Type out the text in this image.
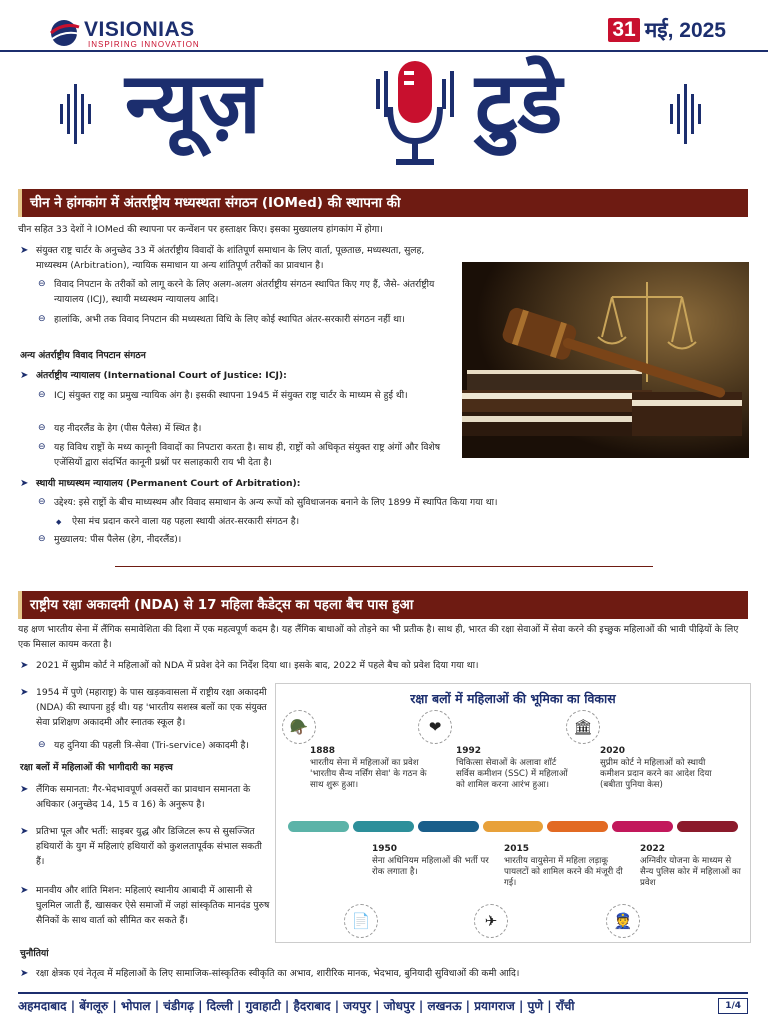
VISIONIAS
INSPIRING INNOVATION
31 मई, 2025
न्यूज़	टुडे
चीन ने हांगकांग में अंतर्राष्ट्रीय मध्यस्थता संगठन (IOMed) की स्थापना की
चीन सहित 33 देशों ने IOMed की स्थापना पर कन्वेंशन पर हस्ताक्षर किए। इसका मुख्यालय हांगकांग में होगा।
➤ संयुक्त राष्ट्र चार्टर के अनुच्छेद 33 में अंतर्राष्ट्रीय विवादों के शांतिपूर्ण समाधान के लिए वार्ता, पूछताछ, मध्यस्थता, सुलह, माध्यस्थम (Arbitration), न्यायिक समाधान या अन्य शांतिपूर्ण तरीकों का प्रावधान है।
⊖ विवाद निपटान के तरीकों को लागू करने के लिए अलग-अलग अंतर्राष्ट्रीय संगठन स्थापित किए गए हैं, जैसे- अंतर्राष्ट्रीय न्यायालय (ICJ), स्थायी मध्यस्थम न्यायालय आदि।
⊖ हालांकि, अभी तक विवाद निपटान की मध्यस्थता विधि के लिए कोई स्थापित अंतर-सरकारी संगठन नहीं था।
अन्य अंतर्राष्ट्रीय विवाद निपटान संगठन
➤ अंतर्राष्ट्रीय न्यायालय (International Court of Justice: ICJ):
⊖ ICJ संयुक्त राष्ट्र का प्रमुख न्यायिक अंग है। इसकी स्थापना 1945 में संयुक्त राष्ट्र चार्टर के माध्यम से हुई थी।
⊖ यह नीदरलैंड के हेग (पीस पैलेस) में स्थित है।
⊖ यह विविध राष्ट्रों के मध्य कानूनी विवादों का निपटारा करता है। साथ ही, राष्ट्रों को अधिकृत संयुक्त राष्ट्र अंगों और विशेष एजेंसियों द्वारा संदर्भित कानूनी प्रश्नों पर सलाहकारी राय भी देता है।
➤ स्थायी माध्यस्थम न्यायालय (Permanent Court of Arbitration):
⊖ उद्देश्य: इसे राष्ट्रों के बीच माध्यस्थम और विवाद समाधान के अन्य रूपों को सुविधाजनक बनाने के लिए 1899 में स्थापित किया गया था।
◆	ऐसा मंच प्रदान करने वाला यह पहला स्थायी अंतर-सरकारी संगठन है।
⊖ मुख्यालय: पीस पैलेस (हेग, नीदरलैंड)।
राष्ट्रीय रक्षा अकादमी (NDA) से 17 महिला कैडेट्स का पहला बैच पास हुआ
यह क्षण भारतीय सेना में लैंगिक समावेशिता की दिशा में एक महत्वपूर्ण कदम है। यह लैंगिक बाधाओं को तोड़ने का भी प्रतीक है। साथ ही, भारत की रक्षा सेवाओं में सेवा करने की इच्छुक महिलाओं की भावी पीढ़ियों के लिए एक मिसाल कायम करता है।
➤ 2021 में सुप्रीम कोर्ट ने महिलाओं को NDA में प्रवेश देने का निर्देश दिया था। इसके बाद, 2022 में पहले बैच को प्रवेश दिया गया था।
➤ 1954 में पुणे (महाराष्ट्र) के पास खड़कवासला में राष्ट्रीय रक्षा अकादमी (NDA) की स्थापना हुई थी। यह 'भारतीय सशस्त्र बलों का एक संयुक्त सेवा प्रशिक्षण अकादमी और स्नातक स्कूल है।
⊖ यह दुनिया की पहली त्रि-सेवा (Tri-service) अकादमी है।
रक्षा बलों में महिलाओं की भागीदारी का महत्त्व
➤ लैंगिक समानता: गैर-भेदभावपूर्ण अवसरों का प्रावधान समानता के अधिकार (अनुच्छेद 14, 15 व 16) के अनुरूप है।
➤ प्रतिभा पूल और भर्ती: साइबर युद्ध और डिजिटल रूप से सुसज्जित हथियारों के युग में महिलाएं हथियारों को कुशलतापूर्वक संभाल सकती हैं।
➤ मानवीय और शांति मिशन: महिलाएं स्थानीय आबादी में आसानी से घुलमिल जाती हैं, खासकर ऐसे समाजों में जहां सांस्कृतिक मानदंड पुरुष सैनिकों के साथ वार्ता को सीमित कर सकते हैं।
चुनौतियां
➤ रक्षा क्षेत्रक एवं नेतृत्व में महिलाओं के लिए सामाजिक-सांस्कृतिक स्वीकृति का अभाव, शारीरिक मानक, भेदभाव, बुनियादी सुविधाओं की कमी आदि।
रक्षा बलों में महिलाओं की भूमिका का विकास
🪖	❤	🏛
1888
भारतीय सेना में महिलाओं का प्रवेश 'भारतीय सैन्य नर्सिंग सेवा' के गठन के साथ शुरू हुआ।
1992
चिकित्सा सेवाओं के अलावा शॉर्ट सर्विस कमीशन (SSC) में महिलाओं को शामिल करना आरंभ हुआ।
2020
सुप्रीम कोर्ट ने महिलाओं को स्थायी कमीशन प्रदान करने का आदेश दिया (बबीता पुनिया केस)
1950
सेना अधिनियम महिलाओं की भर्ती पर रोक लगाता है।
2015
भारतीय वायुसेना में महिला लड़ाकू पायलटों को शामिल करने की मंजूरी दी गई।
2022
अग्निवीर योजना के माध्यम से सैन्य पुलिस कोर में महिलाओं का प्रवेश
📄	✈	👮
अहमदाबाद | बेंगलूरु | भोपाल | चंडीगढ़ | दिल्ली | गुवाहाटी | हैदराबाद | जयपुर | जोधपुर | लखनऊ | प्रयागराज | पुणे | राँची	1/4
